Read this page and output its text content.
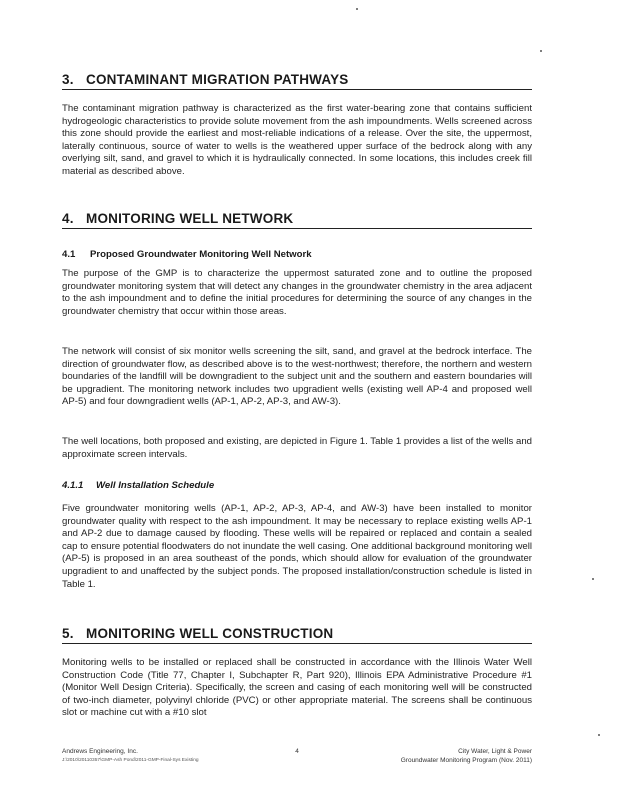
3. CONTAMINANT MIGRATION PATHWAYS

The contaminant migration pathway is characterized as the first water-bearing zone that contains sufficient hydrogeologic characteristics to provide solute movement from the ash impoundments. Wells screened across this zone should provide the earliest and most-reliable indications of a release. Over the site, the uppermost, laterally continuous, source of water to wells is the weathered upper surface of the bedrock along with any overlying silt, sand, and gravel to which it is hydraulically connected. In some locations, this includes creek fill material as described above.

4. MONITORING WELL NETWORK
4.1 Proposed Groundwater Monitoring Well Network

The purpose of the GMP is to characterize the uppermost saturated zone and to outline the proposed groundwater monitoring system that will detect any changes in the groundwater chemistry in the area adjacent to the ash impoundment and to define the initial procedures for determining the source of any changes in the groundwater chemistry that occur within those areas.

The network will consist of six monitor wells screening the silt, sand, and gravel at the bedrock interface. The direction of groundwater flow, as described above is to the west-northwest; therefore, the northern and western boundaries of the landfill will be downgradient to the subject unit and the southern and eastern boundaries will be upgradient. The monitoring network includes two upgradient wells (existing well AP-4 and proposed well AP-5) and four downgradient wells (AP-1, AP-2, AP-3, and AW-3).

The well locations, both proposed and existing, are depicted in Figure 1. Table 1 provides a list of the wells and approximate screen intervals.

4.1.1 Well Installation Schedule

Five groundwater monitoring wells (AP-1, AP-2, AP-3, AP-4, and AW-3) have been installed to monitor groundwater quality with respect to the ash impoundment. It may be necessary to replace existing wells AP-1 and AP-2 due to damage caused by flooding. These wells will be repaired or replaced and contain a sealed cap to ensure potential floodwaters do not inundate the well casing. One additional background monitoring well (AP-5) is proposed in an area southeast of the ponds, which should allow for evaluation of the groundwater upgradient to and unaffected by the subject ponds. The proposed installation/construction schedule is listed in Table 1.

5. MONITORING WELL CONSTRUCTION

Monitoring wells to be installed or replaced shall be constructed in accordance with the Illinois Water Well Construction Code (Title 77, Chapter I, Subchapter R, Part 920), Illinois EPA Administrative Procedure #1 (Monitor Well Design Criteria). Specifically, the screen and casing of each monitoring well will be constructed of two-inch diameter, polyvinyl chloride (PVC) or other appropriate material. The screens shall be continuous slot or machine cut with a #10 slot

Andrews Engineering, Inc.
J:\2010\20110357\GMP-Ash Pond\2011-GMP-Final-Sys Existing
4	City Water, Light & Power
Groundwater Monitoring Program (Nov. 2011)
